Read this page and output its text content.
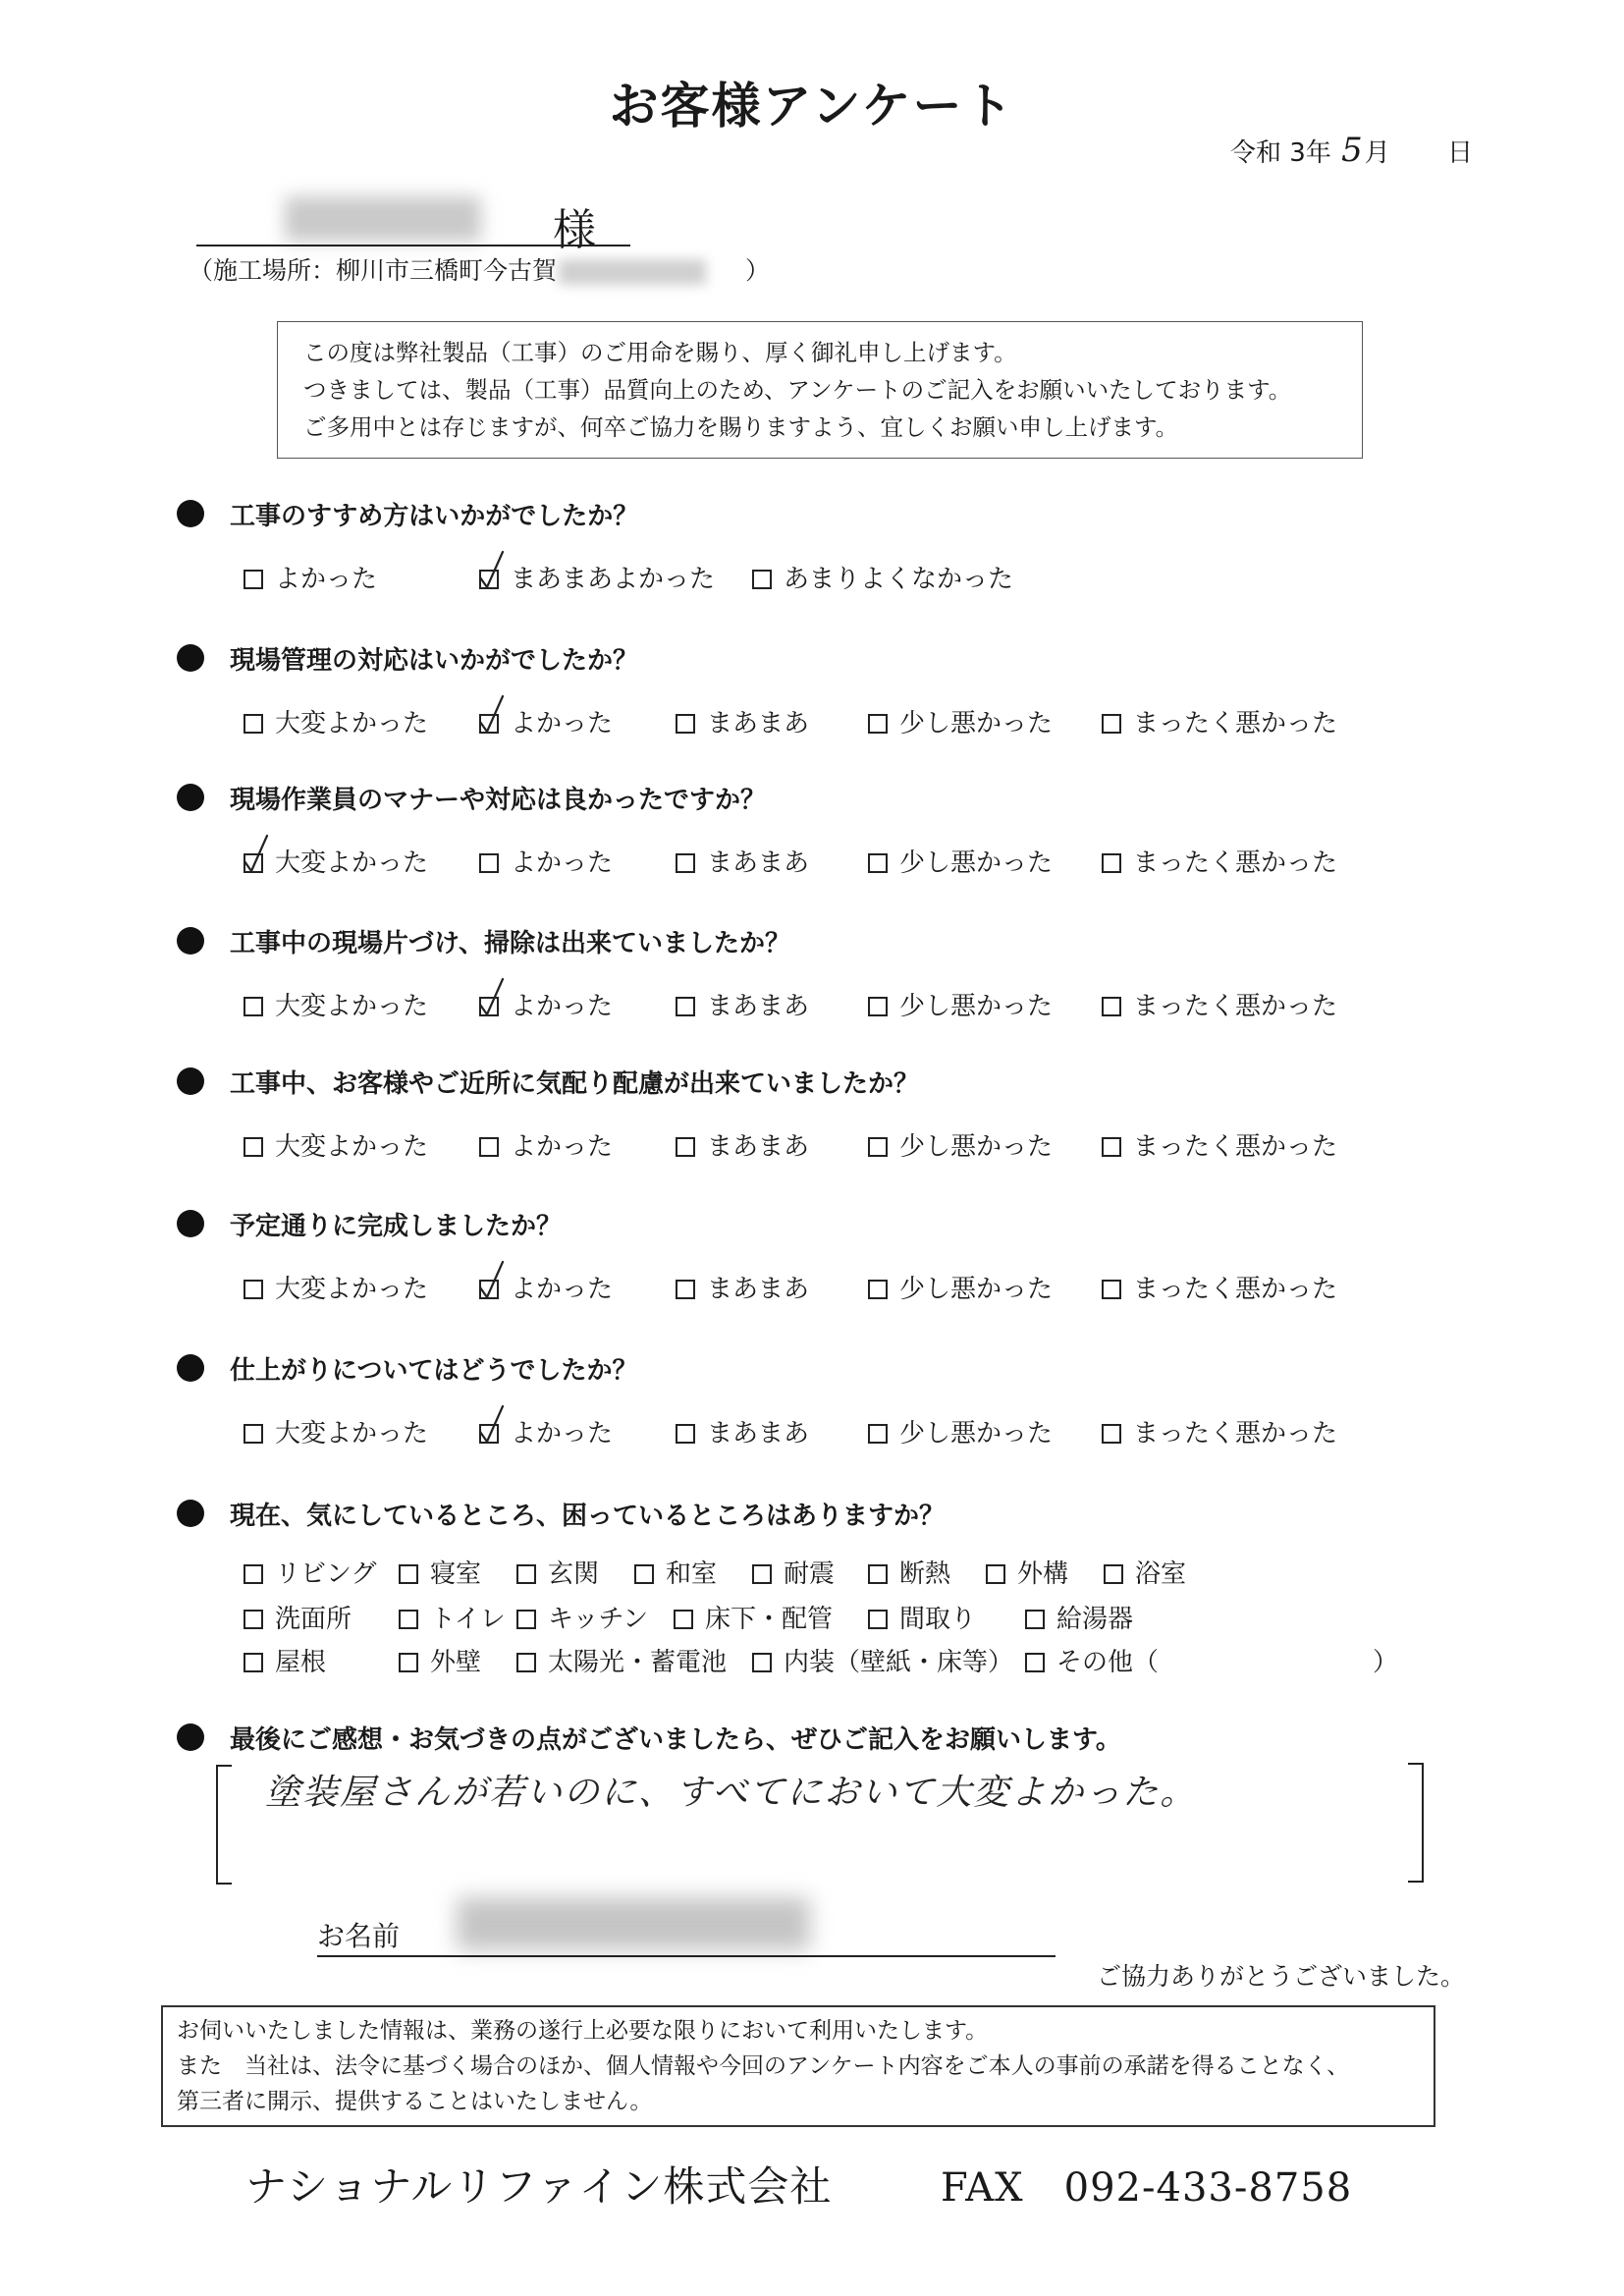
お客様アンケート
令和 3年 5月 日
様
（施工場所：柳川市三橋町今古賀	）
この度は弊社製品（工事）のご用命を賜り、厚く御礼申し上げます。
つきましては、製品（工事）品質向上のため、アンケートのご記入をお願いいたしております。
ご多用中とは存じますが、何卒ご協力を賜りますよう、宜しくお願い申し上げます。
工事のすすめ方はいかがでしたか？
よかった	まあまあよかった	あまりよくなかった
現場管理の対応はいかがでしたか？
大変よかった	よかった	まあまあ	少し悪かった	まったく悪かった
現場作業員のマナーや対応は良かったですか？
大変よかった	よかった	まあまあ	少し悪かった	まったく悪かった
工事中の現場片づけ、掃除は出来ていましたか？
大変よかった	よかった	まあまあ	少し悪かった	まったく悪かった
工事中、お客様やご近所に気配り配慮が出来ていましたか？
大変よかった	よかった	まあまあ	少し悪かった	まったく悪かった
予定通りに完成しましたか？
大変よかった	よかった	まあまあ	少し悪かった	まったく悪かった
仕上がりについてはどうでしたか？
大変よかった	よかった	まあまあ	少し悪かった	まったく悪かった
現在、気にしているところ、困っているところはありますか？
リビング	寝室	玄関	和室	耐震	断熱	外構	浴室
洗面所	トイレ	キッチン	床下・配管	間取り	給湯器
屋根	外壁	太陽光・蓄電池	内装（壁紙・床等）	その他（	）
最後にご感想・お気づきの点がございましたら、ぜひご記入をお願いします。
塗装屋さんが若いのに、すべてにおいて大変よかった。
お名前
ご協力ありがとうございました。
お伺いいたしました情報は、業務の遂行上必要な限りにおいて利用いたします。
また　当社は、法令に基づく場合のほか、個人情報や今回のアンケート内容をご本人の事前の承諾を得ることなく、
第三者に開示、提供することはいたしません。
ナショナルリファイン株式会社	FAX　092-433-8758
